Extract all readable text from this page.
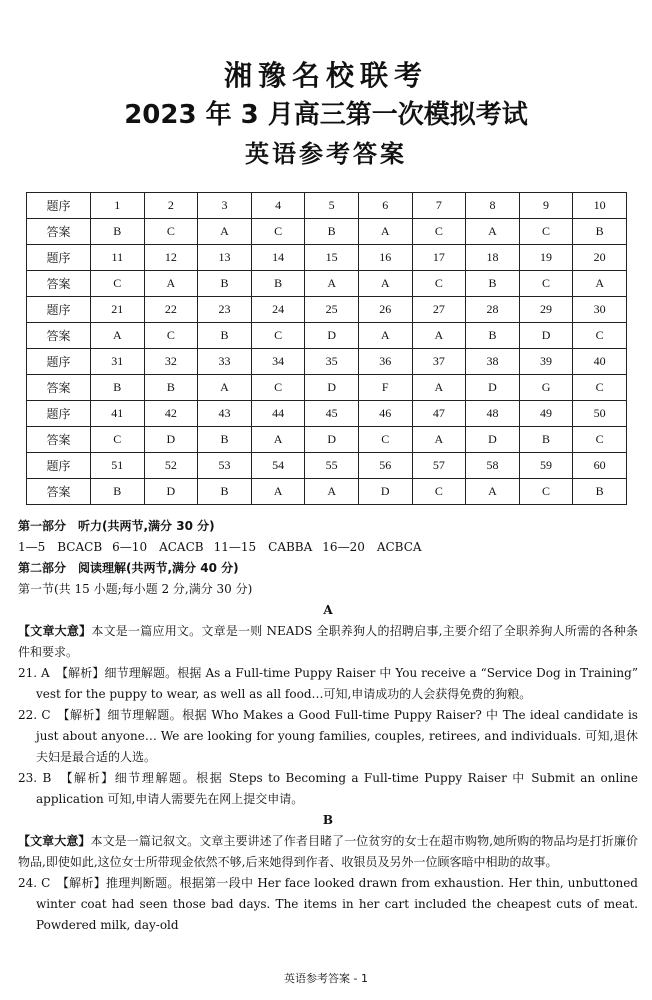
湘豫名校联考
2023 年 3 月高三第一次模拟考试
英语参考答案
题序	1	2	3	4	5	6	7	8	9	10
答案	B	C	A	C	B	A	C	A	C	B
题序	11	12	13	14	15	16	17	18	19	20
答案	C	A	B	B	A	A	C	B	C	A
题序	21	22	23	24	25	26	27	28	29	30
答案	A	C	B	C	D	A	A	B	D	C
题序	31	32	33	34	35	36	37	38	39	40
答案	B	B	A	C	D	F	A	D	G	C
题序	41	42	43	44	45	46	47	48	49	50
答案	C	D	B	A	D	C	A	D	B	C
题序	51	52	53	54	55	56	57	58	59	60
答案	B	D	B	A	A	D	C	A	C	B
第一部分　听力(共两节,满分 30 分)
1—5　BCACB 6—10　ACACB 11—15　CABBA 16—20　ACBCA
第二部分　阅读理解(共两节,满分 40 分)
第一节(共 15 小题;每小题 2 分,满分 30 分)
A
【文章大意】本文是一篇应用文。文章是一则 NEADS 全职养狗人的招聘启事,主要介绍了全职养狗人所需的各种条件和要求。
21. A　 【解析】细节理解题。根据 As a Full-time Puppy Raiser 中 You receive a “Service Dog in Training” vest for the puppy to wear, as well as all food…可知,申请成功的人会获得免费的狗粮。
22. C　 【解析】细节理解题。根据 Who Makes a Good Full-time Puppy Raiser? 中 The ideal candidate is just about anyone… We are looking for young families, couples, retirees, and individuals. 可知,退休夫妇是最合适的人选。
23. B　 【解析】细节理解题。根据 Steps to Becoming a Full-time Puppy Raiser 中 Submit an online application 可知,申请人需要先在网上提交申请。
B
【文章大意】本文是一篇记叙文。文章主要讲述了作者目睹了一位贫穷的女士在超市购物,她所购的物品均是打折廉价物品,即使如此,这位女士所带现金依然不够,后来她得到作者、收银员及另外一位顾客暗中相助的故事。
24. C　 【解析】推理判断题。根据第一段中 Her face looked drawn from exhaustion. Her thin, unbuttoned winter coat had seen those bad days. The items in her cart included the cheapest cuts of meat. Powdered milk, day-old
英语参考答案 - 1
